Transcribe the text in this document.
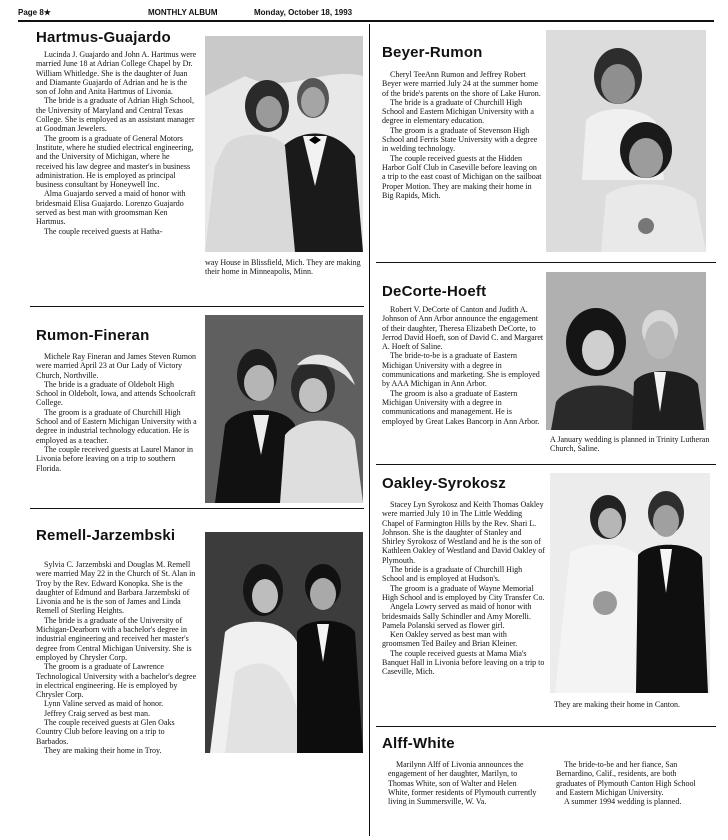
Page 8★	MONTHLY ALBUM	Monday, October 18, 1993
Hartmus-Guajardo

Lucinda J. Guajardo and John A. Hartmus were married June 18 at Adrian College Chapel by Dr. William Whitledge. She is the daughter of Juan and Diamante Guajardo of Adrian and he is the son of John and Anita Hartmus of Livonia.

The bride is a graduate of Adrian High School, the University of Maryland and Central Texas College. She is employed as an assistant manager at Goodman Jewelers.

The groom is a graduate of General Motors Institute, where he studied electrical engineering, and the University of Michigan, where he received his law degree and master's in business administration. He is employed as principal business consultant by Honeywell Inc.

Alma Guajardo served a maid of honor with bridesmaid Elisa Guajardo. Lorenzo Guajardo served as best man with groomsman Ken Hartmus.

The couple received guests at Hatha-

way House in Blissfield, Mich. They are making their home in Minneapolis, Minn.
Rumon-Fineran

Michele Ray Fineran and James Steven Rumon were married April 23 at Our Lady of Victory Church, Northville.

The bride is a graduate of Oldebolt High School in Oldebolt, Iowa, and attends Schoolcraft College.

The groom is a graduate of Churchill High School and of Eastern Michigan University with a degree in industrial technology education. He is employed as a teacher.

The couple received guests at Laurel Manor in Livonia before leaving on a trip to southern Florida.

Remell-Jarzembski

Sylvia C. Jarzembski and Douglas M. Remell were married May 22 in the Church of St. Alan in Troy by the Rev. Edward Konopka. She is the daughter of Edmund and Barbara Jarzembski of Livonia and he is the son of James and Linda Remell of Sterling Heights.

The bride is a graduate of the University of Michigan-Dearborn with a bachelor's degree in industrial engineering and received her master's degree from Central Michigan University. She is employed by Chrysler Corp.

The groom is a graduate of Lawrence Technological University with a bachelor's degree in electrical engineering. He is employed by Chrysler Corp.

Lynn Valine served as maid of honor.

Jeffrey Craig served as best man.

The couple received guests at Glen Oaks Country Club before leaving on a trip to Barbados.

They are making their home in Troy.

Beyer-Rumon

Cheryl TeeAnn Rumon and Jeffrey Robert Beyer were married July 24 at the summer home of the bride's parents on the shore of Lake Huron.

The bride is a graduate of Churchill High School and Eastern Michigan University with a degree in elementary education.

The groom is a graduate of Stevenson High School and Ferris State University with a degree in welding technology.

The couple received guests at the Hidden Harbor Golf Club in Caseville before leaving on a trip to the east coast of Michigan on the sailboat Proper Motion. They are making their home in Big Rapids, Mich.

DeCorte-Hoeft

Robert V. DeCorte of Canton and Judith A. Johnson of Ann Arbor announce the engagement of their daughter, Theresa Elizabeth DeCorte, to Jerrod David Hoeft, son of David C. and Margaret A. Hoeft of Saline.

The bride-to-be is a graduate of Eastern Michigan University with a degree in communications and marketing. She is employed by AAA Michigan in Ann Arbor.

The groom is also a graduate of Eastern Michigan University with a degree in communications and management. He is employed by Great Lakes Bancorp in Ann Arbor.

A January wedding is planned in Trinity Lutheran Church, Saline.
Oakley-Syrokosz

Stacey Lyn Syrokosz and Keith Thomas Oakley were married July 10 in The Little Wedding Chapel of Farmington Hills by the Rev. Shari L. Johnson. She is the daughter of Stanley and Shirley Syrokosz of Westland and he is the son of Kathleen Oakley of Westland and David Oakley of Plymouth.

The bride is a graduate of Churchill High School and is employed at Hudson's.

The groom is a graduate of Wayne Memorial High School and is employed by City Transfer Co.

Angela Lowry served as maid of honor with bridesmaids Sally Schindler and Amy Morelli. Pamela Polanski served as flower girl.

Ken Oakley served as best man with groomsmen Ted Bailey and Brian Kleiner.

The couple received guests at Mama Mia's Banquet Hall in Livonia before leaving on a trip to Caseville, Mich.

They are making their home in Canton.
Alff-White

Marilynn Alff of Livonia announces the engagement of her daughter, Marilyn, to Thomas White, son of Walter and Helen White, former residents of Plymouth currently living in Summersville, W. Va.

The bride-to-be and her fiance, San Bernardino, Calif., residents, are both graduates of Plymouth Canton High School and Eastern Michigan University.

A summer 1994 wedding is planned.
